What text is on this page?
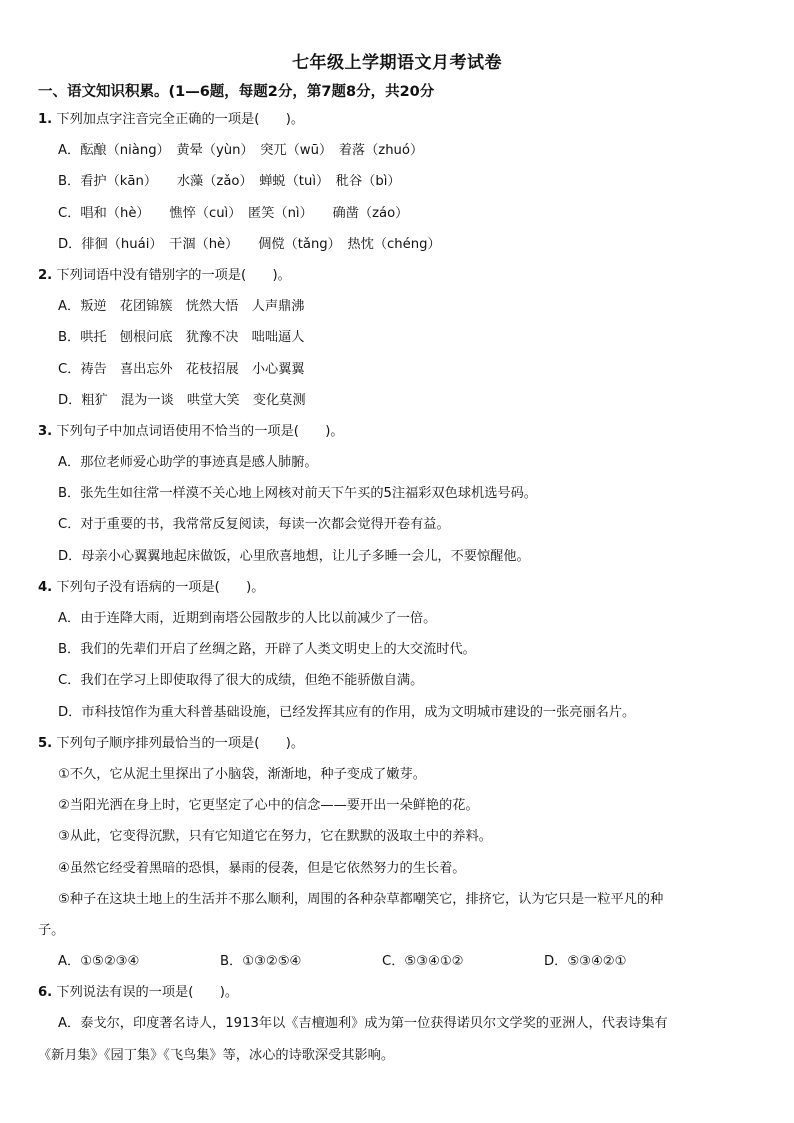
七年级上学期语文月考试卷
一、语文知识积累。(1—6题，每题2分，第7题8分，共20分
1. 下列加点字注音完全正确的一项是(　　)。
A．酝酿（niàng）　黄晕（yùn）　突兀（wū）　着落（zhuó）
B．看护（kān）　　水藻（zǎo）　蝉蜕（tuì）　秕谷（bì）
C．唱和（hè）　　憔悴（cuì）　匿笑（nì）　　确凿（záo）
D．徘徊（huái）　干涸（hè）　　倜傥（tǎng）　热忱（chéng）
2. 下列词语中没有错别字的一项是(　　)。
A．叛逆　花团锦簇　恍然大悟　人声鼎沸
B．哄托　刨根问底　犹豫不决　咄咄逼人
C．祷告　喜出忘外　花枝招展　小心翼翼
D．粗犷　混为一谈　哄堂大笑　变化莫测
3. 下列句子中加点词语使用不恰当的一项是(　　)。
A．那位老师爱心助学的事迹真是感人肺腑。
B．张先生如往常一样漠不关心地上网核对前天下午买的5注福彩双色球机选号码。
C．对于重要的书，我常常反复阅读，每读一次都会觉得开卷有益。
D．母亲小心翼翼地起床做饭，心里欣喜地想，让儿子多睡一会儿，不要惊醒他。
4. 下列句子没有语病的一项是(　　)。
A．由于连降大雨，近期到南塔公园散步的人比以前减少了一倍。
B．我们的先辈们开启了丝绸之路，开辟了人类文明史上的大交流时代。
C．我们在学习上即使取得了很大的成绩，但绝不能骄傲自满。
D．市科技馆作为重大科普基础设施，已经发挥其应有的作用，成为文明城市建设的一张亮丽名片。
5. 下列句子顺序排列最恰当的一项是(　　)。
①不久，它从泥土里探出了小脑袋，渐渐地，种子变成了嫩芽。
②当阳光洒在身上时，它更坚定了心中的信念——要开出一朵鲜艳的花。
③从此，它变得沉默，只有它知道它在努力，它在默默的汲取土中的养料。
④虽然它经受着黑暗的恐惧，暴雨的侵袭，但是它依然努力的生长着。
⑤种子在这块土地上的生活并不那么顺利，周围的各种杂草都嘲笑它，排挤它，认为它只是一粒平凡的种
子。
A．①⑤②③④	B．①③②⑤④	C．⑤③④①②	D．⑤③④②①
6. 下列说法有误的一项是(　　)。
A．泰戈尔，印度著名诗人，1913年以《吉檀迦利》成为第一位获得诺贝尔文学奖的亚洲人，代表诗集有
《新月集》《园丁集》《飞鸟集》等，冰心的诗歌深受其影响。
